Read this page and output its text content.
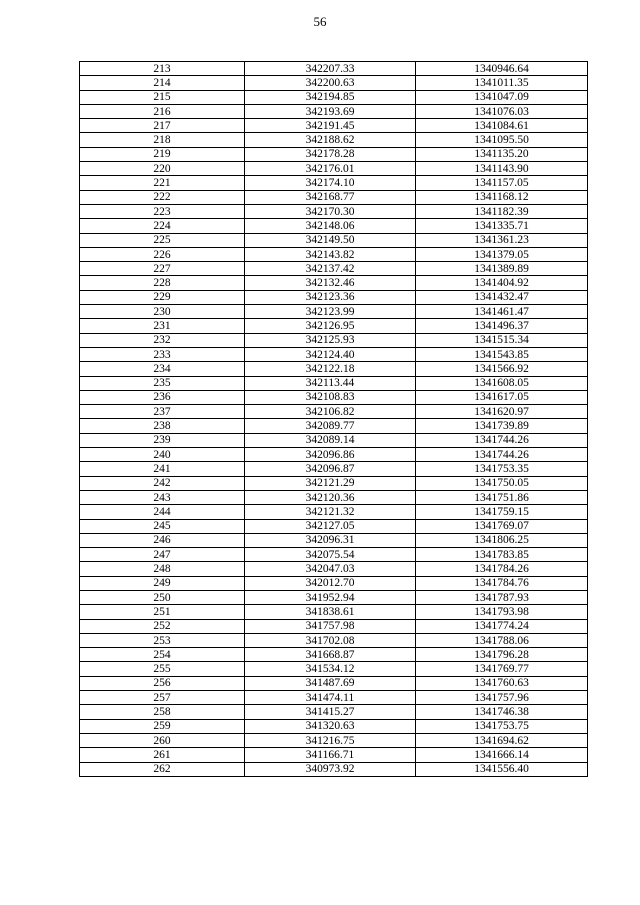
56
213	342207.33	1340946.64
214	342200.63	1341011.35
215	342194.85	1341047.09
216	342193.69	1341076.03
217	342191.45	1341084.61
218	342188.62	1341095.50
219	342178.28	1341135.20
220	342176.01	1341143.90
221	342174.10	1341157.05
222	342168.77	1341168.12
223	342170.30	1341182.39
224	342148.06	1341335.71
225	342149.50	1341361.23
226	342143.82	1341379.05
227	342137.42	1341389.89
228	342132.46	1341404.92
229	342123.36	1341432.47
230	342123.99	1341461.47
231	342126.95	1341496.37
232	342125.93	1341515.34
233	342124.40	1341543.85
234	342122.18	1341566.92
235	342113.44	1341608.05
236	342108.83	1341617.05
237	342106.82	1341620.97
238	342089.77	1341739.89
239	342089.14	1341744.26
240	342096.86	1341744.26
241	342096.87	1341753.35
242	342121.29	1341750.05
243	342120.36	1341751.86
244	342121.32	1341759.15
245	342127.05	1341769.07
246	342096.31	1341806.25
247	342075.54	1341783.85
248	342047.03	1341784.26
249	342012.70	1341784.76
250	341952.94	1341787.93
251	341838.61	1341793.98
252	341757.98	1341774.24
253	341702.08	1341788.06
254	341668.87	1341796.28
255	341534.12	1341769.77
256	341487.69	1341760.63
257	341474.11	1341757.96
258	341415.27	1341746.38
259	341320.63	1341753.75
260	341216.75	1341694.62
261	341166.71	1341666.14
262	340973.92	1341556.40
